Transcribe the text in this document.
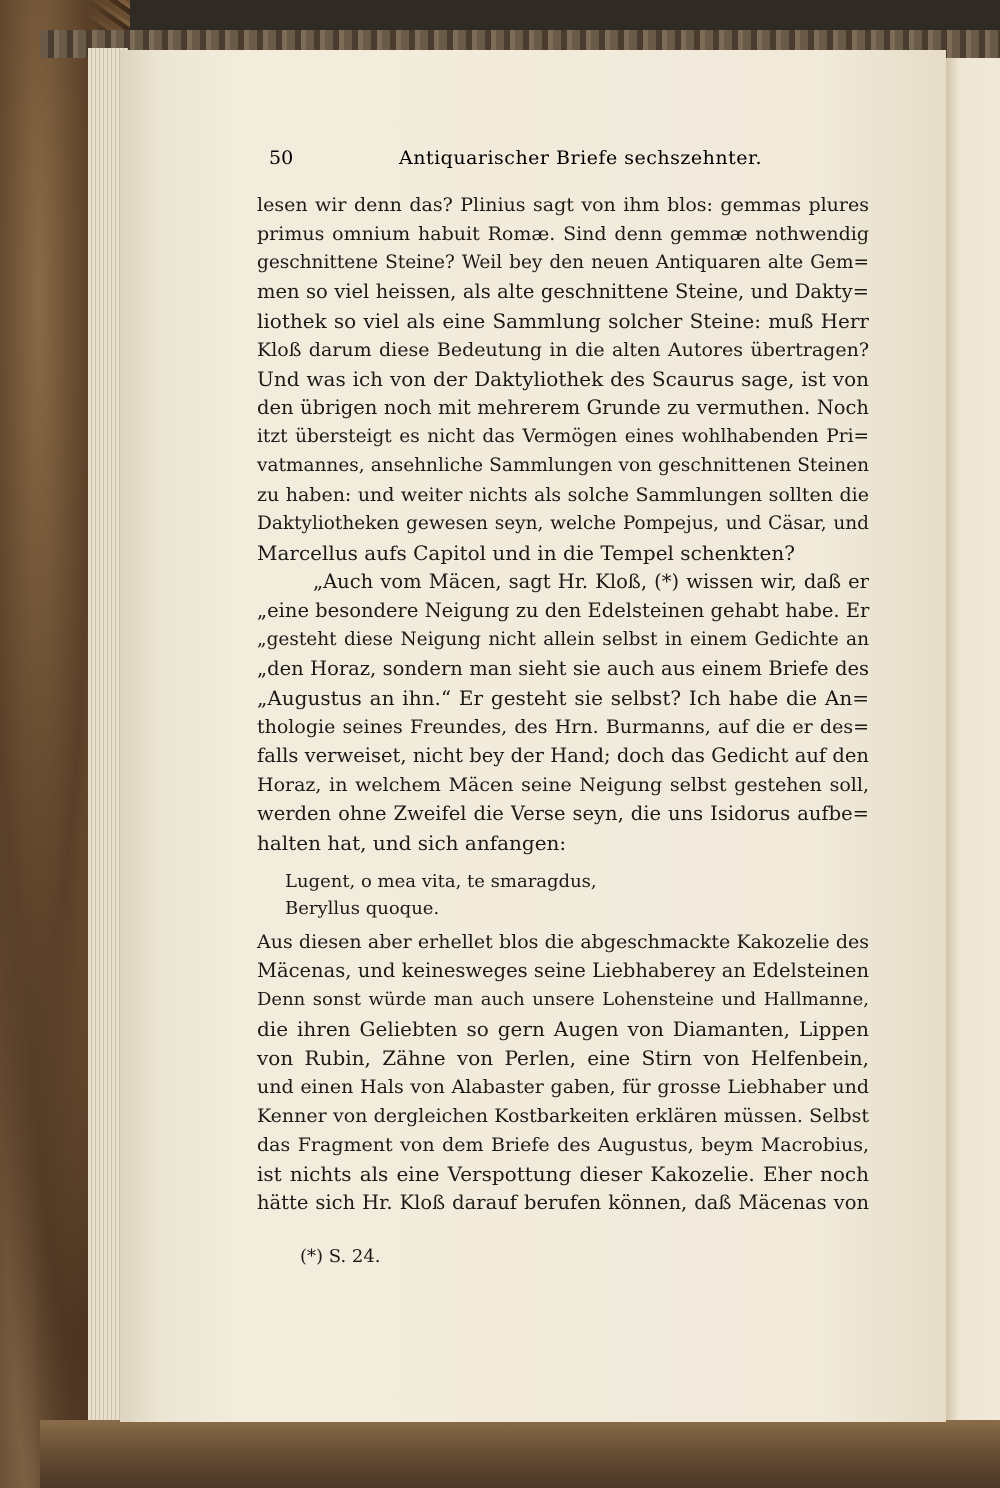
50	Antiquarischer Briefe sechszehnter.
lesen wir denn das? Plinius sagt von ihm blos: gemmas plures
primus omnium habuit Romæ. Sind denn gemmæ nothwendig
geschnittene Steine? Weil bey den neuen Antiquaren alte Gem=
men so viel heissen, als alte geschnittene Steine, und Dakty=
liothek so viel als eine Sammlung solcher Steine: muß Herr
Kloß darum diese Bedeutung in die alten Autores übertragen?
Und was ich von der Daktyliothek des Scaurus sage, ist von
den übrigen noch mit mehrerem Grunde zu vermuthen. Noch
itzt übersteigt es nicht das Vermögen eines wohlhabenden Pri=
vatmannes, ansehnliche Sammlungen von geschnittenen Steinen
zu haben: und weiter nichts als solche Sammlungen sollten die
Daktyliotheken gewesen seyn, welche Pompejus, und Cäsar, und
Marcellus aufs Capitol und in die Tempel schenkten?
„Auch vom Mäcen, sagt Hr. Kloß, (*) wissen wir, daß er
„eine besondere Neigung zu den Edelsteinen gehabt habe. Er
„gesteht diese Neigung nicht allein selbst in einem Gedichte an
„den Horaz, sondern man sieht sie auch aus einem Briefe des
„Augustus an ihn.“ Er gesteht sie selbst? Ich habe die An=
thologie seines Freundes, des Hrn. Burmanns, auf die er des=
falls verweiset, nicht bey der Hand; doch das Gedicht auf den
Horaz, in welchem Mäcen seine Neigung selbst gestehen soll,
werden ohne Zweifel die Verse seyn, die uns Isidorus aufbe=
halten hat, und sich anfangen:
Lugent, o mea vita, te smaragdus,
Beryllus quoque.
Aus diesen aber erhellet blos die abgeschmackte Kakozelie des
Mäcenas, und keinesweges seine Liebhaberey an Edelsteinen
Denn sonst würde man auch unsere Lohensteine und Hallmanne,
die ihren Geliebten so gern Augen von Diamanten, Lippen
von Rubin, Zähne von Perlen, eine Stirn von Helfenbein,
und einen Hals von Alabaster gaben, für grosse Liebhaber und
Kenner von dergleichen Kostbarkeiten erklären müssen. Selbst
das Fragment von dem Briefe des Augustus, beym Macrobius,
ist nichts als eine Verspottung dieser Kakozelie. Eher noch
hätte sich Hr. Kloß darauf berufen können, daß Mäcenas von
(*) S. 24.
